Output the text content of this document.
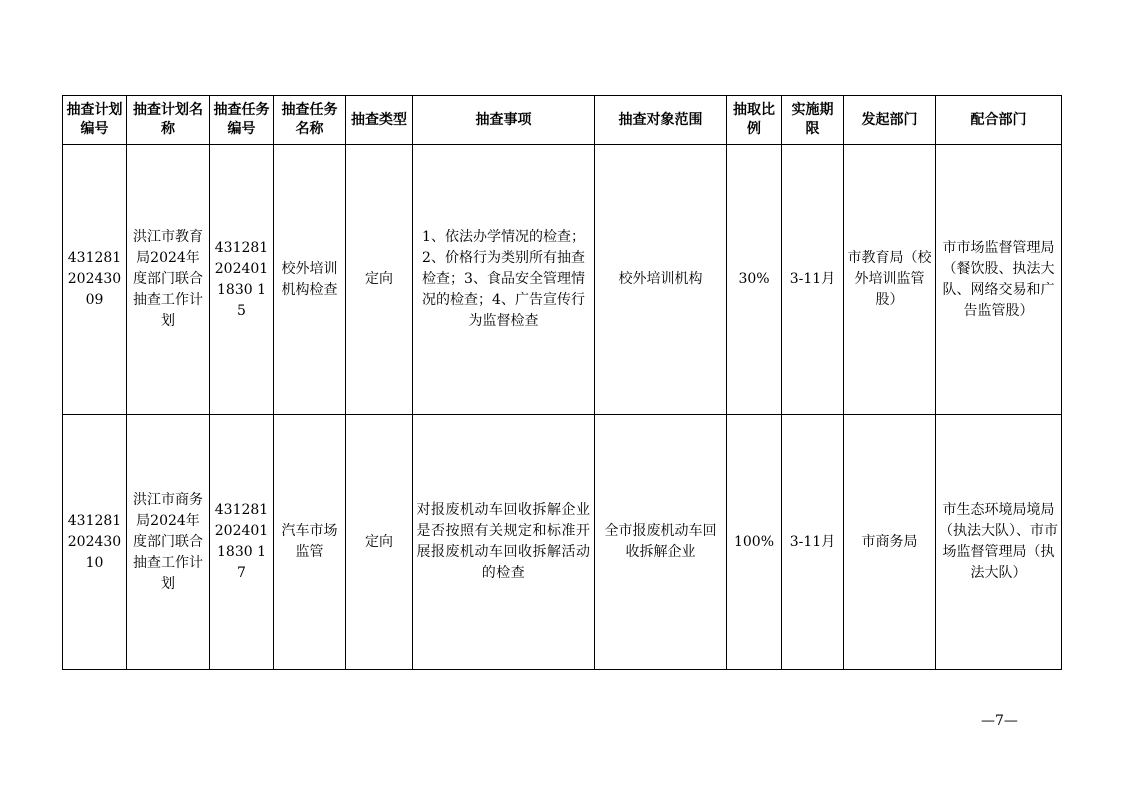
抽查计划编号	抽查计划名称	抽查任务编号	抽查任务名称	抽查类型	抽查事项	抽查对象范围	抽取比例	实施期限	发起部门	配合部门
43128120243009	洪江市教育局2024年度部门联合抽查工作计划	4312812024011830 15	校外培训机构检查	定向	1、依法办学情况的检查；2、价格行为类别所有抽查检查；3、食品安全管理情况的检查；4、广告宣传行为监督检查	校外培训机构	30%	3-11月	市教育局（校外培训监管股）	市市场监督管理局（餐饮股、执法大队、网络交易和广告监管股）
43128120243010	洪江市商务局2024年度部门联合抽查工作计划	4312812024011830 17	汽车市场监管	定向	对报废机动车回收拆解企业是否按照有关规定和标准开展报废机动车回收拆解活动的检查	全市报废机动车回收拆解企业	100%	3-11月	市商务局	市生态环境局境局（执法大队）、市市场监督管理局（执法大队）
—7—
